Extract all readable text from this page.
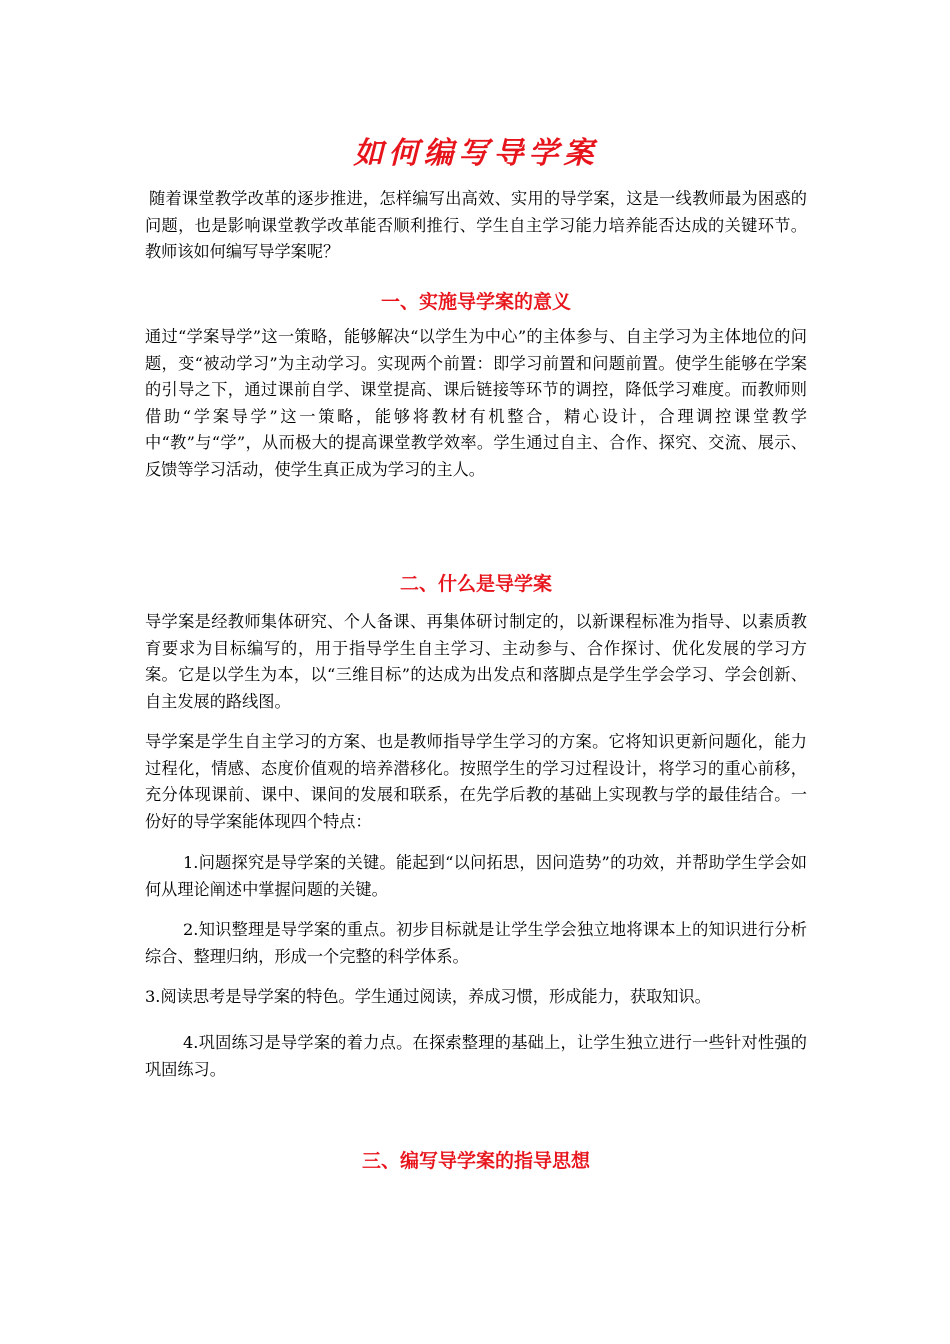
如何编写导学案

随着课堂教学改革的逐步推进，怎样编写出高效、实用的导学案，这是一线教师最为困惑的问题，也是影响课堂教学改革能否顺利推行、学生自主学习能力培养能否达成的关键环节。教师该如何编写导学案呢？

一、实施导学案的意义

通过“学案导学”这一策略，能够解决“以学生为中心”的主体参与、自主学习为主体地位的问题，变“被动学习”为主动学习。实现两个前置：即学习前置和问题前置。使学生能够在学案的引导之下，通过课前自学、课堂提高、课后链接等环节的调控，降低学习难度。而教师则借助“学案导学”这一策略，能够将教材有机整合，精心设计，合理调控课堂教学中“教”与“学”，从而极大的提高课堂教学效率。学生通过自主、合作、探究、交流、展示、反馈等学习活动，使学生真正成为学习的主人。

二、什么是导学案

导学案是经教师集体研究、个人备课、再集体研讨制定的，以新课程标准为指导、以素质教育要求为目标编写的，用于指导学生自主学习、主动参与、合作探讨、优化发展的学习方案。它是以学生为本，以“三维目标”的达成为出发点和落脚点是学生学会学习、学会创新、自主发展的路线图。

导学案是学生自主学习的方案、也是教师指导学生学习的方案。它将知识更新问题化，能力过程化，情感、态度价值观的培养潜移化。按照学生的学习过程设计，将学习的重心前移，充分体现课前、课中、课间的发展和联系，在先学后教的基础上实现教与学的最佳结合。一份好的导学案能体现四个特点：

1.问题探究是导学案的关键。能起到“以问拓思，因问造势”的功效，并帮助学生学会如何从理论阐述中掌握问题的关键。

2.知识整理是导学案的重点。初步目标就是让学生学会独立地将课本上的知识进行分析综合、整理归纳，形成一个完整的科学体系。

3.阅读思考是导学案的特色。学生通过阅读，养成习惯，形成能力，获取知识。

4.巩固练习是导学案的着力点。在探索整理的基础上，让学生独立进行一些针对性强的巩固练习。

三、编写导学案的指导思想
